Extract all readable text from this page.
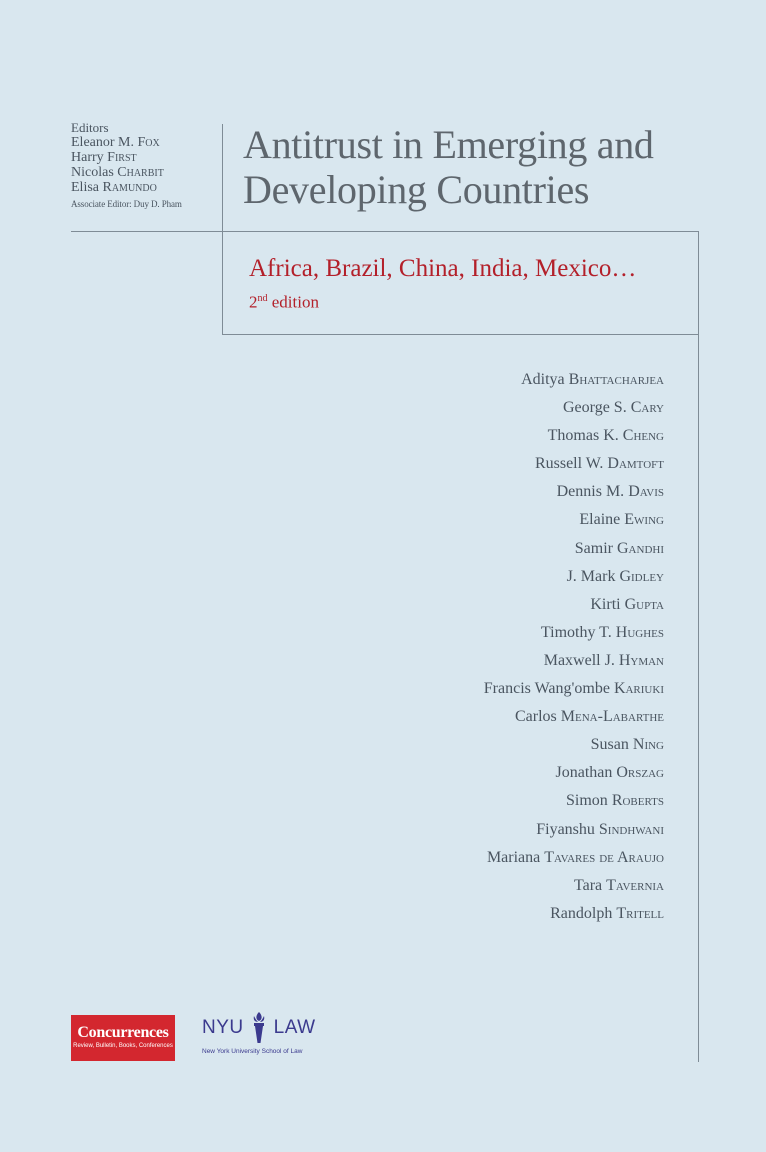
Editors
Eleanor M. Fox
Harry First
Nicolas Charbit
Elisa Ramundo
Associate Editor: Duy D. Pham
Antitrust in Emerging and Developing Countries
Africa, Brazil, China, India, Mexico…
2nd edition
Aditya Bhattacharjea
George S. Cary
Thomas K. Cheng
Russell W. Damtoft
Dennis M. Davis
Elaine Ewing
Samir Gandhi
J. Mark Gidley
Kirti Gupta
Timothy T. Hughes
Maxwell J. Hyman
Francis Wang'ombe Kariuki
Carlos Mena-Labarthe
Susan Ning
Jonathan Orszag
Simon Roberts
Fiyanshu Sindhwani
Mariana Tavares de Araujo
Tara Tavernia
Randolph Tritell
Concurrences
Review, Bulletin, Books, Conferences
NYU LAW
New York University School of Law
